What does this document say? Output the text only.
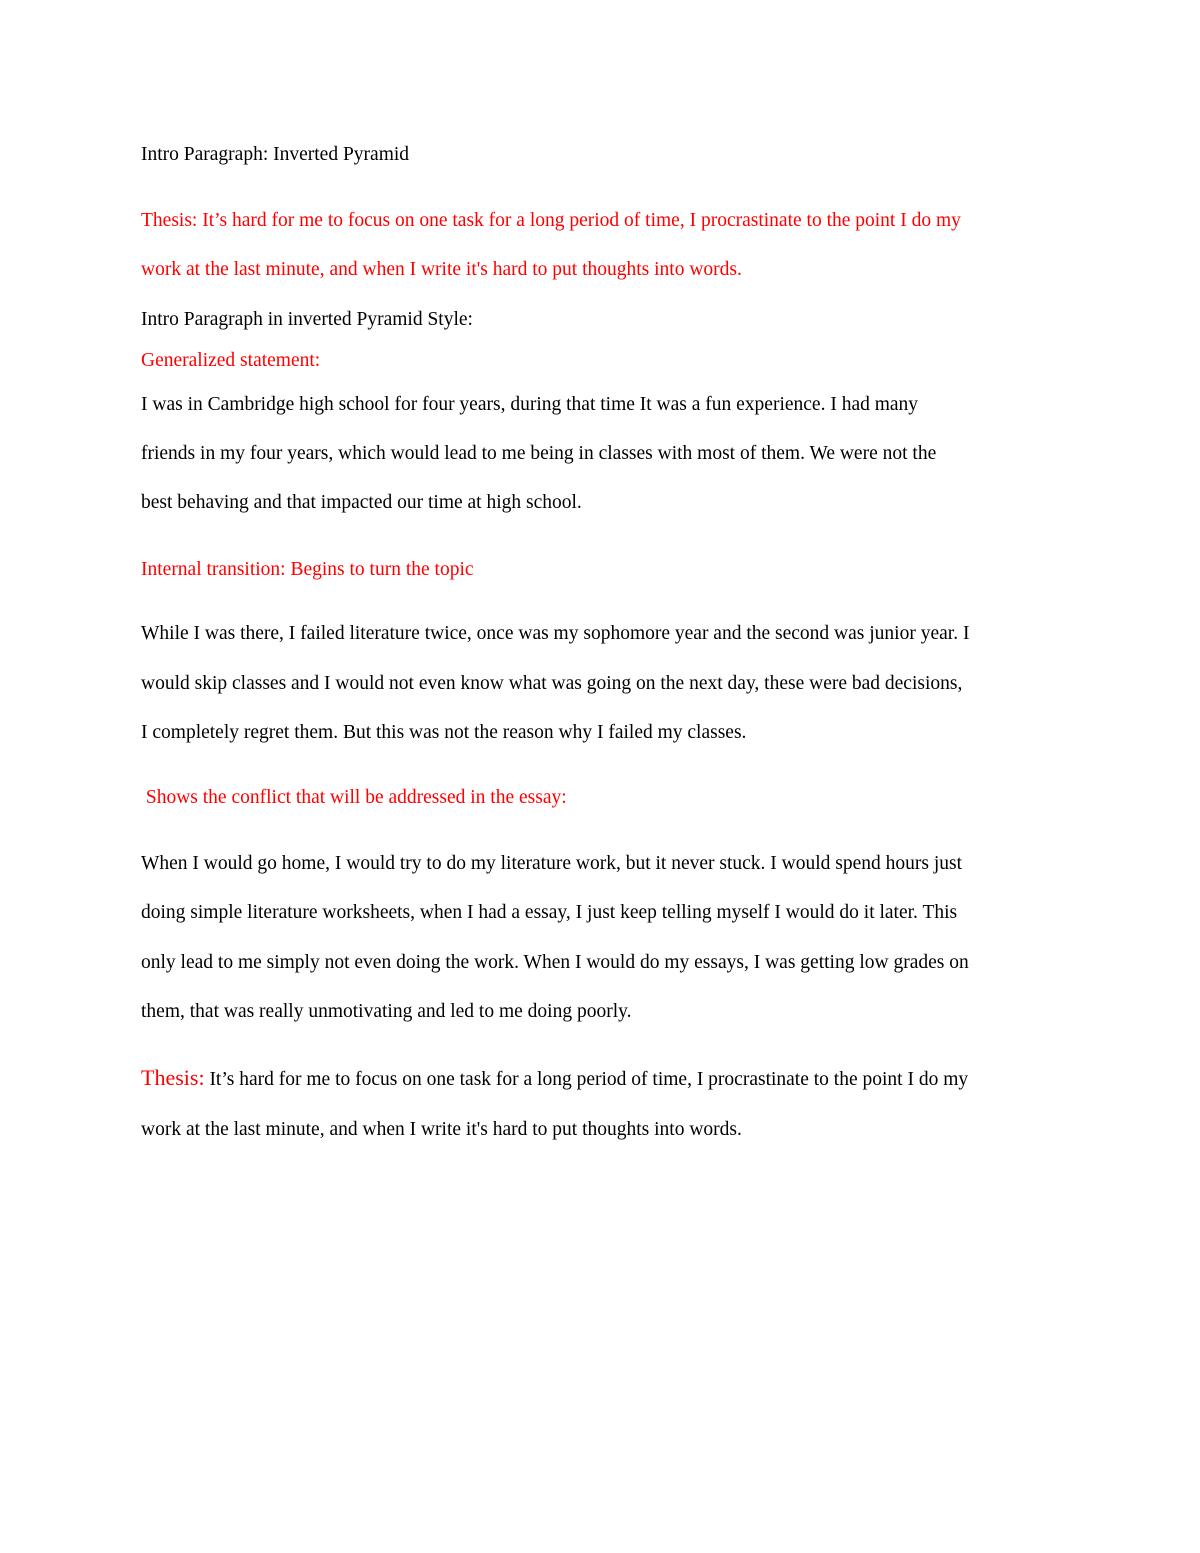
Intro Paragraph: Inverted Pyramid

Thesis: It’s hard for me to focus on one task for a long period of time, I procrastinate to the point I do my

work at the last minute, and when I write it's hard to put thoughts into words.

Intro Paragraph in inverted Pyramid Style:

Generalized statement:

I was in Cambridge high school for four years, during that time It was a fun experience. I had many

friends in my four years, which would lead to me being in classes with most of them. We were not the

best behaving and that impacted our time at high school.

Internal transition: Begins to turn the topic

While I was there, I failed literature twice, once was my sophomore year and the second was junior year. I

would skip classes and I would not even know what was going on the next day, these were bad decisions,

I completely regret them. But this was not the reason why I failed my classes.

Shows the conflict that will be addressed in the essay:

When I would go home, I would try to do my literature work, but it never stuck. I would spend hours just

doing simple literature worksheets, when I had a essay, I just keep telling myself I would do it later. This

only lead to me simply not even doing the work. When I would do my essays, I was getting low grades on

them, that was really unmotivating and led to me doing poorly.

Thesis: It’s hard for me to focus on one task for a long period of time, I procrastinate to the point I do my

work at the last minute, and when I write it's hard to put thoughts into words.
